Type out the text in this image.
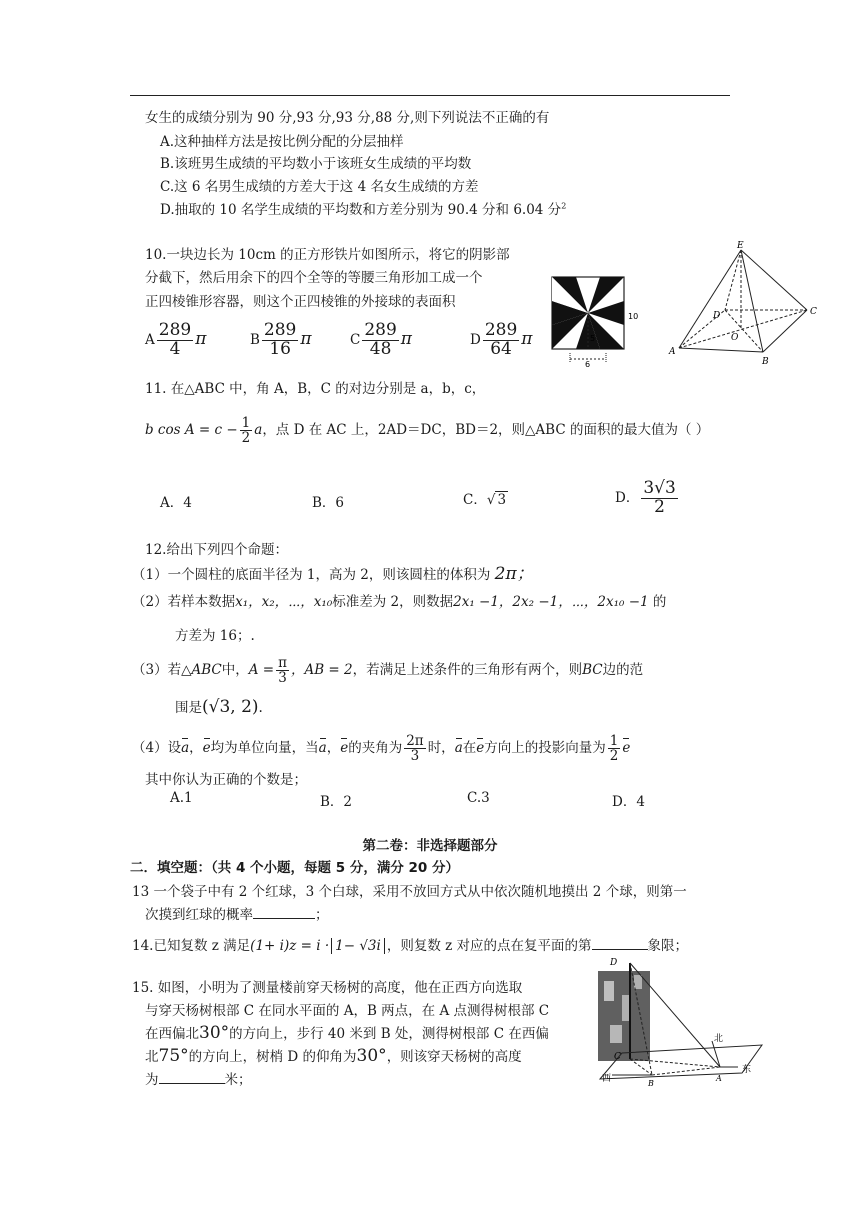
女生的成绩分别为 90 分,93 分,93 分,88 分,则下列说法不正确的有
A.这种抽样方法是按比例分配的分层抽样
B.该班男生成绩的平均数小于该班女生成绩的平均数
C.这 6 名男生成绩的方差大于这 4 名女生成绩的方差
D.抽取的 10 名学生成绩的平均数和方差分别为 90.4 分和 6.04 分$^2$
10.一块边长为 10cm 的正方形铁片如图所示，将它的阴影部
分截下，然后用余下的四个全等的等腰三角形加工成一个
正四棱锥形容器，则这个正四棱锥的外接球的表面积
A $\frac{289}{4}$ π	B $\frac{289}{16}$ π	C $\frac{289}{48}$ π	D $\frac{289}{64}$ π
10
5
6
E
D	C
O
A
B
11. 在△ABC 中，角 A，B，C 的对边分别是 a，b，c，
b $\cos A = c - \frac{1}{2}$ a，点 D 在 AC 上，2AD＝DC，BD＝2，则△ABC 的面积的最大值为（ ）
A．4	B．6	C．√ 3	D． $\frac{3√3}{2}$
12.给出下列四个命题：
（1）一个圆柱的底面半径为 1，高为 2，则该圆柱的体积为 2π；
（2）若样本数据x₁，x₂，⋯，x₁₀标准差为 2，则数据2x₁ −1，2x₂ −1，⋯，2x₁₀ −1 的
方差为 16；.
（3）若△ABC中，$A = \frac{\pi}{3}$ ，AB = 2，若满足上述条件的三角形有两个，则BC边的范
围是(√3, 2).
（4）设a，e均为单位向量，当a，e的夹角为 $\frac{2\pi}{3}$ 时，a在e方向上的投影向量为 $\frac{1}{2}$ e
其中你认为正确的个数是；
A.1	B．2	C.3	D．4
第二卷：非选择题部分
二．填空题：（共 4 个小题，每题 5 分，满分 20 分）
13 一个袋子中有 2 个红球，3 个白球，采用不放回方式从中依次随机地摸出 2 个球，则第一
次摸到红球的概率	；
14.已知复数 z 满足(1+ i)z = i · 1− √3i ，则复数 z 对应的点在复平面的第	象限；
15. 如图，小明为了测量楼前穿天杨树的高度，他在正西方向选取
与穿天杨树根部 C 在同水平面的 A，B 两点，在 A 点测得树根部 C
在西偏北30°的方向上，步行 40 米到 B 处，测得树根部 C 在西偏
北75°的方向上，树梢 D 的仰角为30°，则该穿天杨树的高度
为	米；
D
C
B
A
西
东
北
